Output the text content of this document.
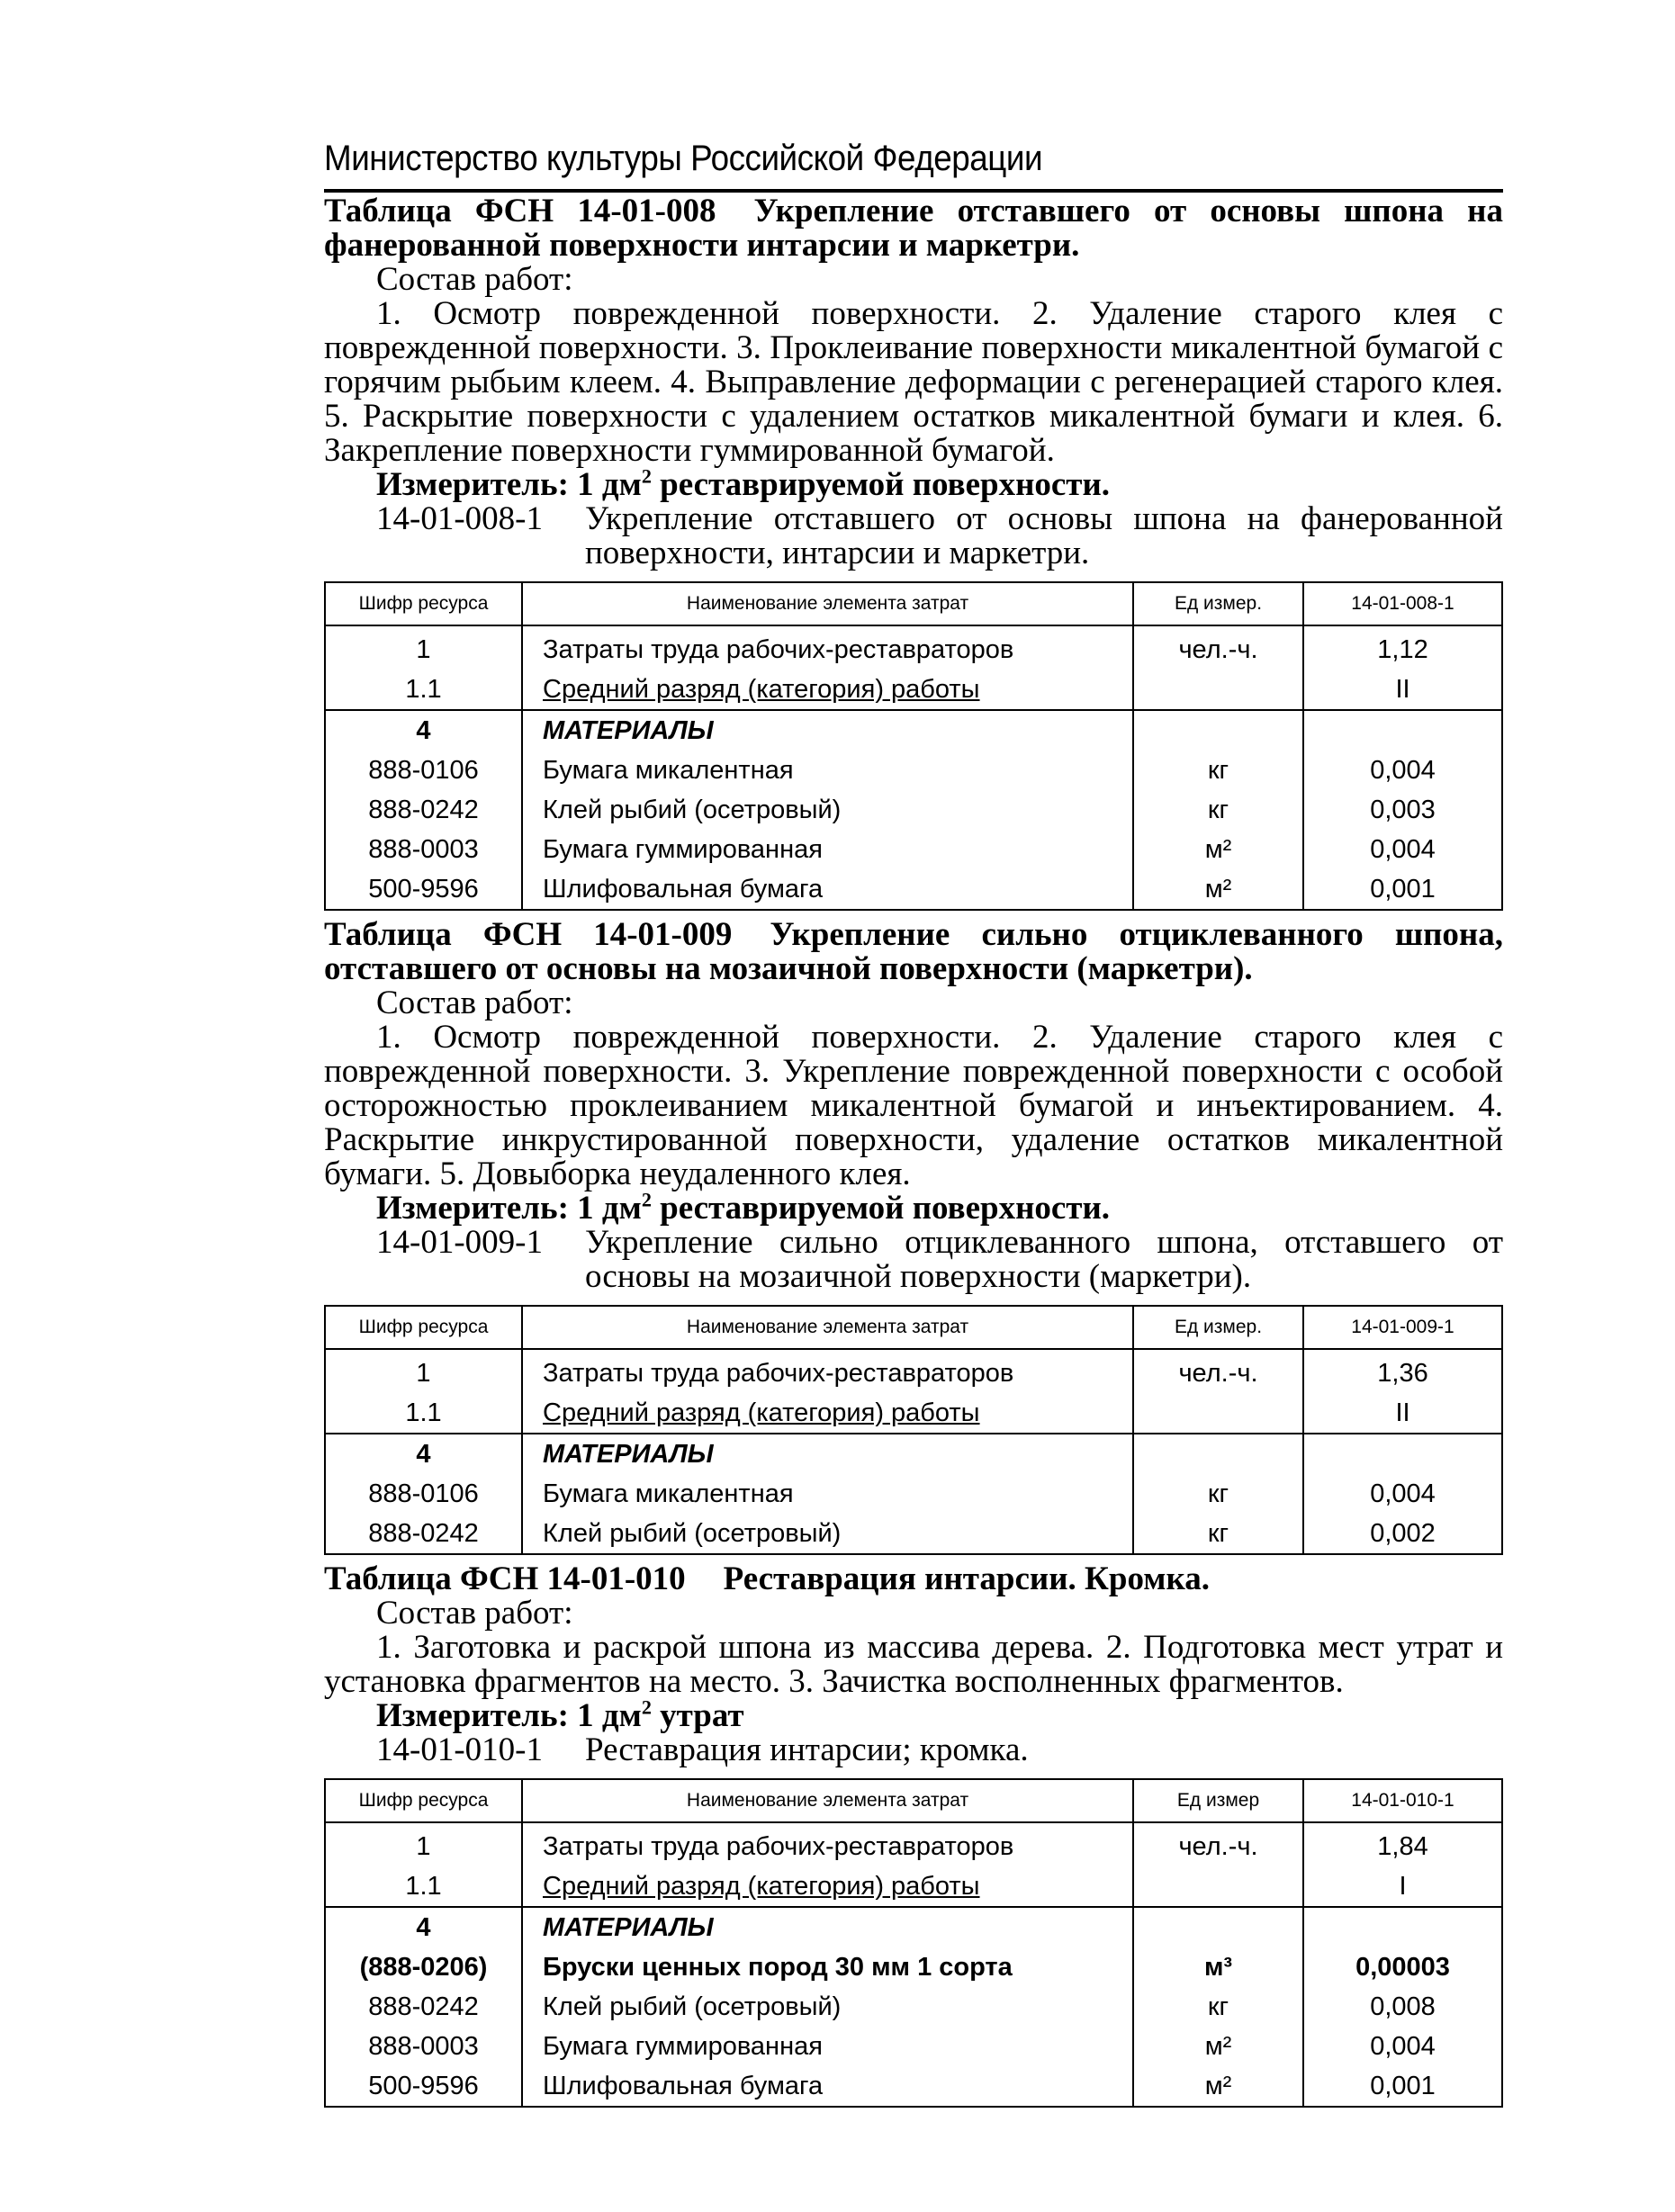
Министерство культуры Российской Федерации
Таблица ФСН 14-01-008 Укрепление отставшего от основы шпона на фанерованной поверхности интарсии и маркетри.
Состав работ:
1. Осмотр поврежденной поверхности. 2. Удаление старого клея с поврежденной поверхности. 3. Проклеивание поверхности микалентной бумагой с горячим рыбьим клеем. 4. Выправление деформации с регенерацией старого клея. 5. Раскрытие поверхности с удалением остатков микалентной бумаги и клея. 6. Закрепление поверхности гуммированной бумагой.
Измеритель: 1 $дм^2$ реставрируемой поверхности.
14-01-008-1	Укрепление отставшего от основы шпона на фанерованной поверхности, интарсии и маркетри.
Шифр ресурса	Наименование элемента затрат	Ед измер.	14-01-008-1
1	Затраты труда рабочих-реставраторов	чел.-ч.	1,12
1.1	Средний разряд (категория) работы		II
4	МАТЕРИАЛЫ		
888-0106	Бумага микалентная	кг	0,004
888-0242	Клей рыбий (осетровый)	кг	0,003
888-0003	Бумага гуммированная	м²	0,004
500-9596	Шлифовальная бумага	м²	0,001
Таблица ФСН 14-01-009 Укрепление сильно отциклеванного шпона, отставшего от основы на мозаичной поверхности (маркетри).
Состав работ:
1. Осмотр поврежденной поверхности. 2. Удаление старого клея с поврежденной поверхности. 3. Укрепление поврежденной поверхности с особой осторожностью проклеиванием микалентной бумагой и инъектированием. 4. Раскрытие инкрустированной поверхности, удаление остатков микалентной бумаги. 5. Довыборка неудаленного клея.
Измеритель: 1 $дм^2$ реставрируемой поверхности.
14-01-009-1	Укрепление сильно отциклеванного шпона, отставшего от основы на мозаичной поверхности (маркетри).
Шифр ресурса	Наименование элемента затрат	Ед измер.	14-01-009-1
1	Затраты труда рабочих-реставраторов	чел.-ч.	1,36
1.1	Средний разряд (категория) работы		II
4	МАТЕРИАЛЫ		
888-0106	Бумага микалентная	кг	0,004
888-0242	Клей рыбий (осетровый)	кг	0,002
Таблица ФСН 14-01-010 Реставрация интарсии. Кромка.
Состав работ:
1. Заготовка и раскрой шпона из массива дерева. 2. Подготовка мест утрат и установка фрагментов на место. 3. Зачистка восполненных фрагментов.
Измеритель: 1 $дм^2$ утрат
14-01-010-1	Реставрация интарсии; кромка.
Шифр ресурса	Наименование элемента затрат	Ед измер	14-01-010-1
1	Затраты труда рабочих-реставраторов	чел.-ч.	1,84
1.1	Средний разряд (категория) работы		I
4	МАТЕРИАЛЫ		
(888-0206)	Бруски ценных пород 30 мм 1 сорта	м³	0,00003
888-0242	Клей рыбий (осетровый)	кг	0,008
888-0003	Бумага гуммированная	м²	0,004
500-9596	Шлифовальная бумага	м²	0,001
